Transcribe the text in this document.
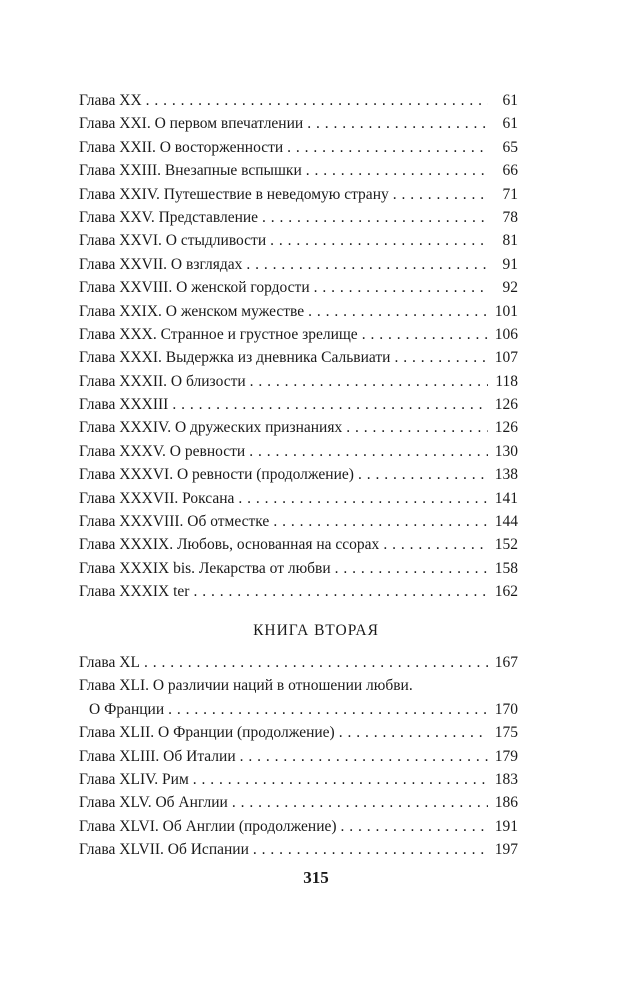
Глава XX . . .	61
Глава XXI. О первом впечатлении . . .	61
Глава XXII. О восторженности . . .	65
Глава XXIII. Внезапные вспышки . . .	66
Глава XXIV. Путешествие в неведомую страну . . .	71
Глава XXV. Представление . . .	78
Глава XXVI. О стыдливости . . .	81
Глава XXVII. О взглядах . . .	91
Глава XXVIII. О женской гордости . . .	92
Глава XXIX. О женском мужестве . . .	101
Глава XXX. Странное и грустное зрелище . . .	106
Глава XXXI. Выдержка из дневника Сальвиати . . .	107
Глава XXXII. О близости . . .	118
Глава XXXIII . . .	126
Глава XXXIV. О дружеских признаниях . . .	126
Глава XXXV. О ревности . . .	130
Глава XXXVI. О ревности (продолжение) . . .	138
Глава XXXVII. Роксана . . .	141
Глава XXXVIII. Об отместке . . .	144
Глава XXXIX. Любовь, основанная на ссорах . . .	152
Глава XXXIX bis. Лекарства от любви . . .	158
Глава XXXIX ter . . .	162
КНИГА ВТОРАЯ
Глава XL . . .	167
Глава XLI. О различии наций в отношении любви.
О Франции . . .	170
Глава XLII. О Франции (продолжение) . . .	175
Глава XLIII. Об Италии . . .	179
Глава XLIV. Рим . . .	183
Глава XLV. Об Англии . . .	186
Глава XLVI. Об Англии (продолжение) . . .	191
Глава XLVII. Об Испании . . .	197
315
